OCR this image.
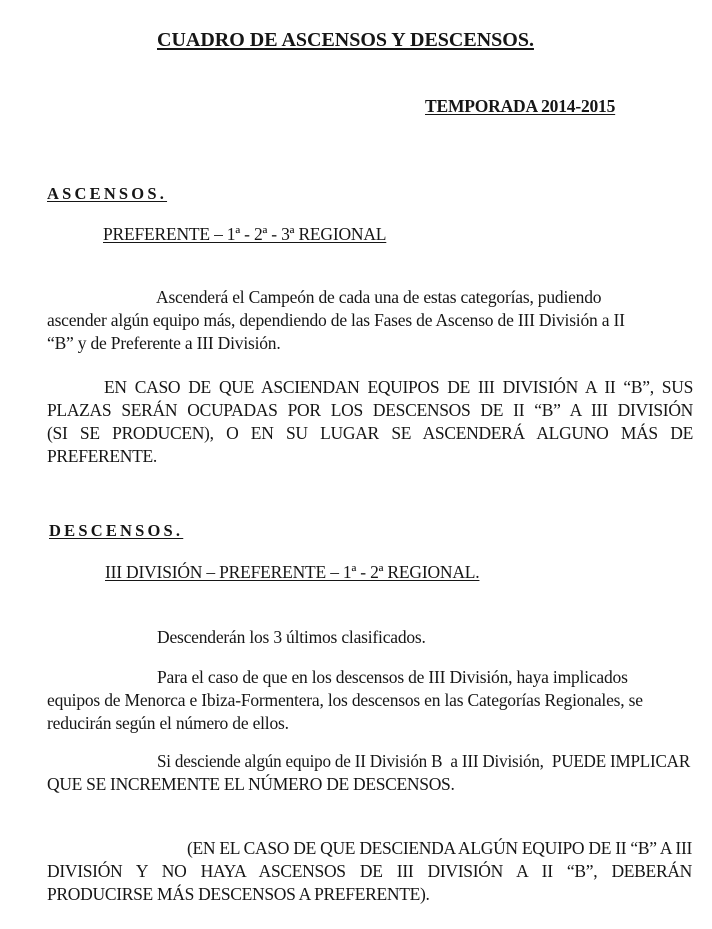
CUADRO DE ASCENSOS Y DESCENSOS.
TEMPORADA 2014-2015
ASCENSOS.
PREFERENTE – 1ª - 2ª - 3ª REGIONAL
Ascenderá el Campeón de cada una de estas categorías, pudiendo
ascender algún equipo más, dependiendo de las Fases de Ascenso de III División a II
“B” y de Preferente a III División.
EN CASO DE QUE ASCIENDAN EQUIPOS DE III DIVISIÓN A II “B”, SUS
PLAZAS SERÁN OCUPADAS POR LOS DESCENSOS DE II “B” A III DIVISIÓN
(SI SE PRODUCEN), O EN SU LUGAR SE ASCENDERÁ ALGUNO MÁS DE
PREFERENTE.
DESCENSOS.
III DIVISIÓN – PREFERENTE – 1ª - 2ª REGIONAL.
Descenderán los 3 últimos clasificados.
Para el caso de que en los descensos de III División, haya implicados
equipos de Menorca e Ibiza-Formentera, los descensos en las Categorías Regionales, se
reducirán según el número de ellos.
Si desciende algún equipo de II División B  a III División,  PUEDE IMPLICAR
QUE SE INCREMENTE EL NÚMERO DE DESCENSOS.
(EN EL CASO DE QUE DESCIENDA ALGÚN EQUIPO DE II “B” A III
DIVISIÓN Y NO HAYA ASCENSOS DE III DIVISIÓN A II “B”, DEBERÁN
PRODUCIRSE MÁS DESCENSOS A PREFERENTE).
